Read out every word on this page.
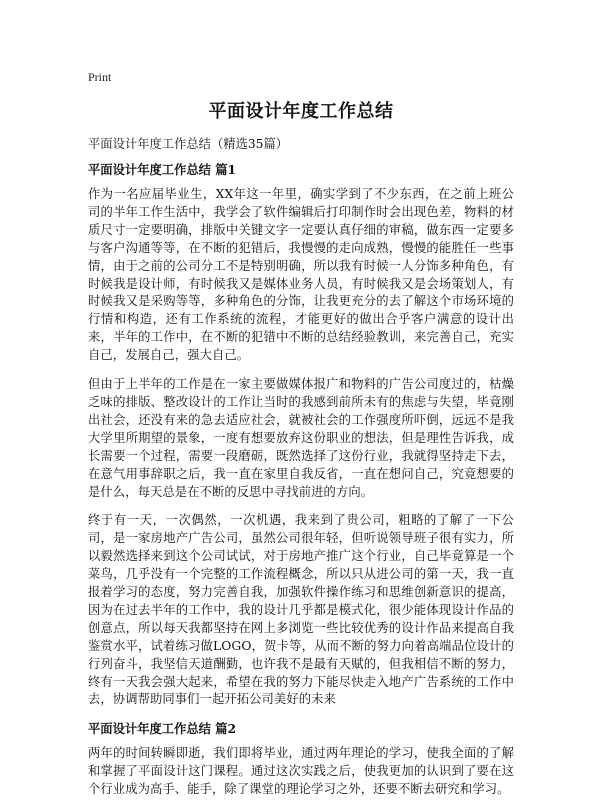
Print
平面设计年度工作总结

平面设计年度工作总结（精选35篇）

平面设计年度工作总结 篇1

作为一名应届毕业生，XX年这一年里，确实学到了不少东西，在之前上班公司的半年工作生活中，我学会了软件编辑后打印制作时会出现色差，物料的材质尺寸一定要明确，排版中关键文字一定要认真仔细的审稿，做东西一定要多与客户沟通等等，在不断的犯错后，我慢慢的走向成熟，慢慢的能胜任一些事情，由于之前的公司分工不是特别明确，所以我有时候一人分饰多种角色，有时候我是设计师，有时候我又是媒体业务人员，有时候我又是会场策划人，有时候我又是采购等等，多种角色的分饰，让我更充分的去了解这个市场环境的行情和构造，还有工作系统的流程，才能更好的做出合乎客户满意的设计出来，半年的工作中，在不断的犯错中不断的总结经验教训，来完善自己，充实自己，发展自己，强大自己。

但由于上半年的工作是在一家主要做媒体报广和物料的广告公司度过的，枯燥乏味的排版、整改设计的工作让当时的我感到前所未有的焦虑与失望，毕竟刚出社会，还没有来的急去适应社会，就被社会的工作强度所吓倒，远远不是我大学里所期望的景象，一度有想要放弃这份职业的想法，但是理性告诉我，成长需要一个过程，需要一段磨砺，既然选择了这份行业，我就得坚持走下去，在意气用事辞职之后，我一直在家里自我反省，一直在想问自己，究竟想要的是什么，每天总是在不断的反思中寻找前进的方向。

终于有一天，一次偶然，一次机遇，我来到了贵公司，粗略的了解了一下公司，是一家房地产广告公司，虽然公司很年轻，但听说领导班子很有实力，所以毅然选择来到这个公司试试，对于房地产推广这个行业，自己毕竟算是一个菜鸟，几乎没有一个完整的工作流程概念，所以只从进公司的第一天，我一直报着学习的态度，努力完善自我，加强软件操作练习和思维创新意识的提高，因为在过去半年的工作中，我的设计几乎都是模式化，很少能体现设计作品的创意点，所以每天我都坚持在网上多浏览一些比较优秀的设计作品来提高自我鉴赏水平，试着练习做LOGO，贺卡等，从而不断的努力向着高端品位设计的行列奋斗，我坚信天道酬勤，也许我不是最有天赋的，但我相信不断的努力，终有一天我会强大起来，希望在我的努力下能尽快走入地产广告系统的工作中去，协调帮助同事们一起开拓公司美好的未来

平面设计年度工作总结 篇2

两年的时间转瞬即逝，我们即将毕业，通过两年理论的学习，使我全面的了解和掌握了平面设计这门课程。通过这次实践之后，使我更加的认识到了要在这个行业成为高手、能手，除了课堂的理论学习之外，还要不断去研究和学习。
